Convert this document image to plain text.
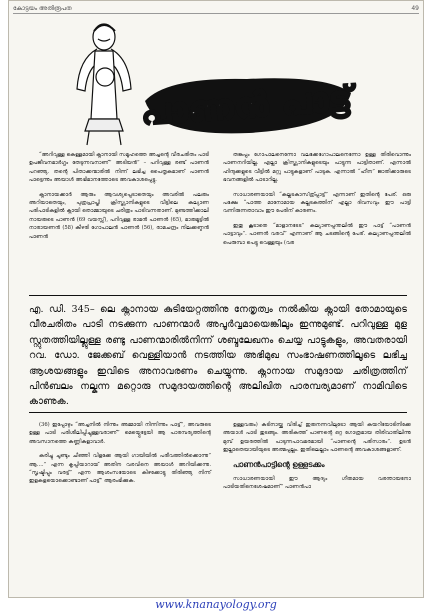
കോട്ടയം അതിരൂപത	49
പാണൻ പാട്ട്

“അറിവുള്ള കെള്ളമായി ക്നാനായി സമൂഹത്തെ അച്ചന്റെ വീരചരിതം പാടി ഉപജീവനമാർഗ്ഗം തേടുന്നവനാണ്” അടിയൻ” – പറിവുള്ള രണ്ട് പാണൻ പറഞ്ഞു. തന്റെ പിതാക്കന്മാരിൽ നിന്ന് ലഭിച്ച പൈതൃകമാണ് പാണൻ പാട്ടെന്നും അയാൾ അഭിമാനത്തോടെ അവകാശപ്പെട്ടു.

ക്നാനായക്കാർ ആരും ആവശ്യപ്പെടാതെയും അവരിൽ പലരും അറിയാതെയും, പുത്രപ്രാപ്തി ക്രിസ്ത്യാനികളുടെ വീട്ടിലെ കല്യാണ പരിപാടികളിൽ ക്നായി തൊമ്മായുടെ ചരിത്രം പാടിവന്നതാണ്. മുണ്ടത്തിക്കാലി നായരുടെ പാണൻ (69 വയസ്സ്), പറിവുള്ള രാമൻ പാണൻ (65), മാരുമൂട്ടിൽ നാരായണൻ (58) കീഴരി ഗോപാലൻ പാണൻ (56), രാമചന്ദ്രം നിലക്കണ്ഠൻ പാണൻ

തങ്കപ്പം ഗോപാലനെന്നോ വലക്കേഗോപാലനെന്നോ ഉള്ള തിരിവൊന്നും പാണനറിയില്ല. എല്ലാ ക്രിസ്ത്യാനികളുടെയും പാട്ടുന്ന പാട്ടിതാണ്. എന്നാൽ ഹിന്ദുക്കളുടെ വീട്ടിൽ മറ്റു പാട്ടുകളാണ് പാടുക. എന്നാൽ “ഹീന” ജാതിക്കാരുടെ ഭവനങ്ങളിൽ പാടാറില്ല.

സാധാരണയായി “കല്ലടകാസ്‌ത്ര്പ്പാട്ട്” എന്നാണ് ഇതിന്റെ പേര്. ഒരു പക്ഷേ “പാത്ത മാനോമായ കല്ലടകത്തിന് എല്ലാ ദിവസവും ഈ പാട്ടി വന്നിരുന്നതാവാം ഈ പേരിന് കാരണം.

ഇതു കൂടാതെ “മാളാനടേട” കല്യാണപ്പന്തലിൽ ഈ പാട്ട് “പാണൻ പാട്ടാവും”. പാണൻ വരവ്” എന്നാണ് ആ ചടങ്ങിന്റെ പേര്. കല്യാണപ്പന്തലിൽ പെരുമ്പാ പെട്ടു വെള്ളയും (വര

എ. ഡി. 345– ലെ ക്നാനായ കുടിയേറ്റത്തിനു നേതൃത്വം നൽകിയ ക്നായി തോമായുടെ വീരചരിതം പാടി നടക്കുന്ന പാണന്മാർ അപൂർവ്വമായെങ്കിലും ഇന്നുമുണ്ട്. പറിവുള്ള മുള സ്റ്റുതത്തിയില്ലുള്ള രണ്ടു പാണന്മാരിൽനിന്ന് ശബ്ദലേഖനം ചെയ്യ പാട്ടുകളും, അവതരായി റവ. ഡോ. ജേക്കബ് വെള്ളിയാൻ നടത്തിയ അഭിമുഖ സംഭാഷണത്തിലൂടെ ലഭിച്ച ആശയങ്ങളും ഇവിടെ അനാവരണം ചെയ്യുന്നു. ക്നാനായ സമുദായ ചരിത്രത്തിന് പിൻബലം നല്കുന്ന മറ്റൊരു സമുദായത്തിന്റെ അലിഖിത പാരമ്പര്യമാണ് നാമിവിടെ കാണുക.

(36) ഇപ്പോഴും “അച്ചനിൽ നിന്നും അമ്മായി നിന്നിന്നും പാട്ട്”, അവരുടെ ഉള്ള പാടി പരിശീലിപ്പിച്ചുള്ളവരാണ്” മെയ്പ്പെട്ടേയി ആ പാരമ്പര്യത്തിന്റെ അവസാനത്തെ കണ്ണികളാവാർ.

കരിച്ചു ചൂണ്ടും ചീഞ്ഞി വിളക്കേ ആയി ഗായിയിൽ പരീവത്തിൽക്കൊന്നു” ആ....” എന്ന കൃപ്പിയാറായ് അതിന വരവിനെ അയാൾ അറിയിക്കന്നു. “സൃഷ്ടിപ്പും വരട്ട്” എന്ന ആശംസയോടെ കിഴക്കോട്ടു തിരിഞ്ഞു നിന്ന് ഇളകളയൊക്കൊണ്ടാണ് പാട്ട്” ആരംഭിക്കുക.

ഉള്ളവരും) കടിനായ്ക്കു വിരിച്ച് ഇരുനന്നവിലുടോ ആയി കയറിയോടിനിക്കേ അയാൾ പാടി തുടങ്ങും. അരികത്ത് പാണന്റെ ഒറ്റ ഗോത്രമായ തിരിവാതിലിന്നു മുമ്പ് ഉയരത്തിൽ പാടുന്നപാവമരമായി “പാണന്റെ പരിസാരം”. ഉടൻ ഇല്ലാതെയായിയുടെ അത്മപ്പല്ലം. ഇതിലെല്ലാം പാണന്റെ അവകാശങ്ങളാണ്.

പാണൻപാട്ടിന്റെ ഉള്ളടക്കം

സാധാരണയായി ഈ ആദ്യം ഗീതമായ വരന്തായനോ പാടിയതിനെശേഷമാണ്” പാണൻപാ

www.knanayology.org
